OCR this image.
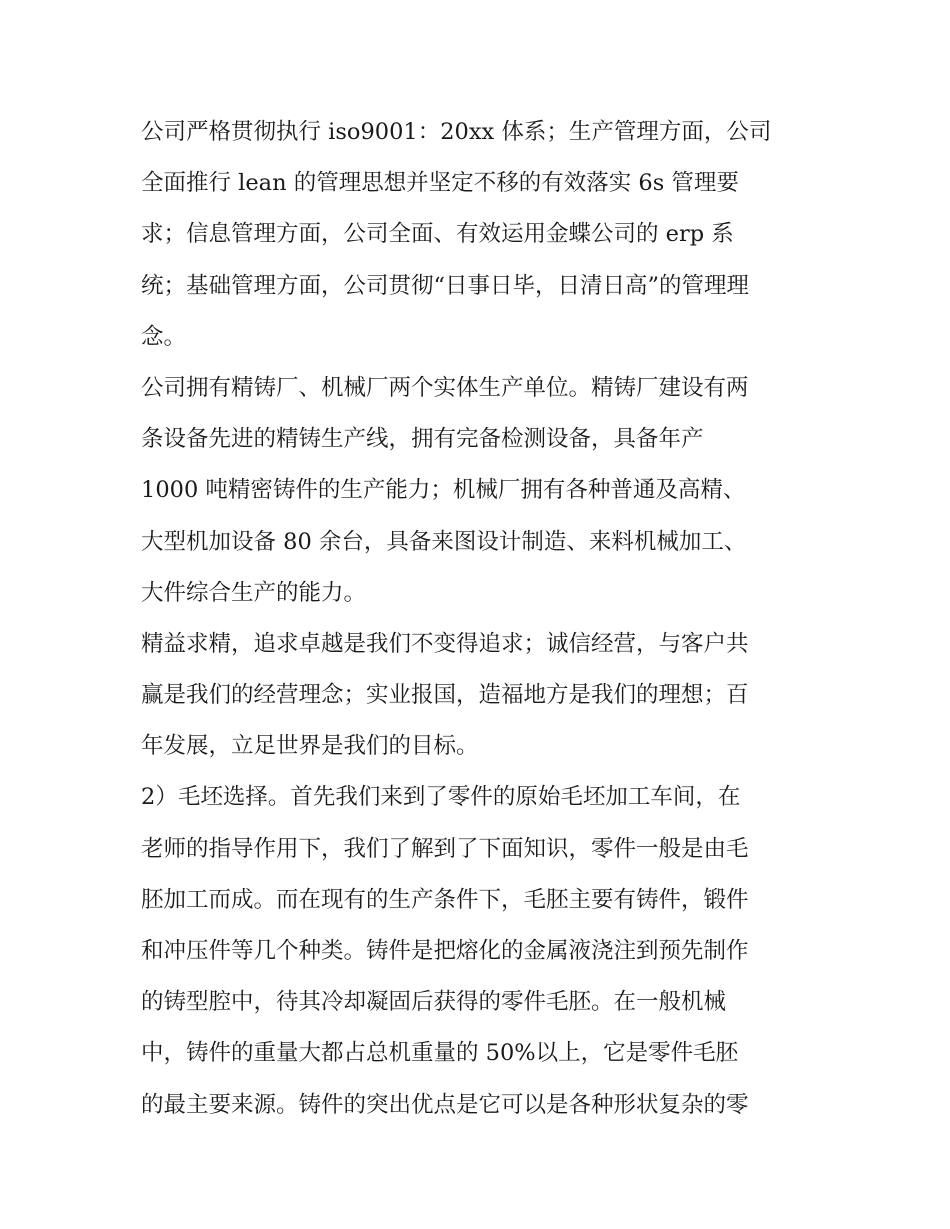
公司严格贯彻执行 iso9001：20xx 体系；生产管理方面，公司
全面推行 lean 的管理思想并坚定不移的有效落实 6s 管理要
求；信息管理方面，公司全面、有效运用金蝶公司的 erp 系
统；基础管理方面，公司贯彻“日事日毕，日清日高”的管理理
念。
公司拥有精铸厂、机械厂两个实体生产单位。精铸厂建设有两
条设备先进的精铸生产线，拥有完备检测设备，具备年产
1000 吨精密铸件的生产能力；机械厂拥有各种普通及高精、
大型机加设备 80 余台，具备来图设计制造、来料机械加工、
大件综合生产的能力。
精益求精，追求卓越是我们不变得追求；诚信经营，与客户共
赢是我们的经营理念；实业报国，造福地方是我们的理想；百
年发展，立足世界是我们的目标。
2）毛坯选择。首先我们来到了零件的原始毛坯加工车间，在
老师的指导作用下，我们了解到了下面知识，零件一般是由毛
胚加工而成。而在现有的生产条件下，毛胚主要有铸件，锻件
和冲压件等几个种类。铸件是把熔化的金属液浇注到预先制作
的铸型腔中，待其冷却凝固后获得的零件毛胚。在一般机械
中，铸件的重量大都占总机重量的 50%以上，它是零件毛胚
的最主要来源。铸件的突出优点是它可以是各种形状复杂的零
